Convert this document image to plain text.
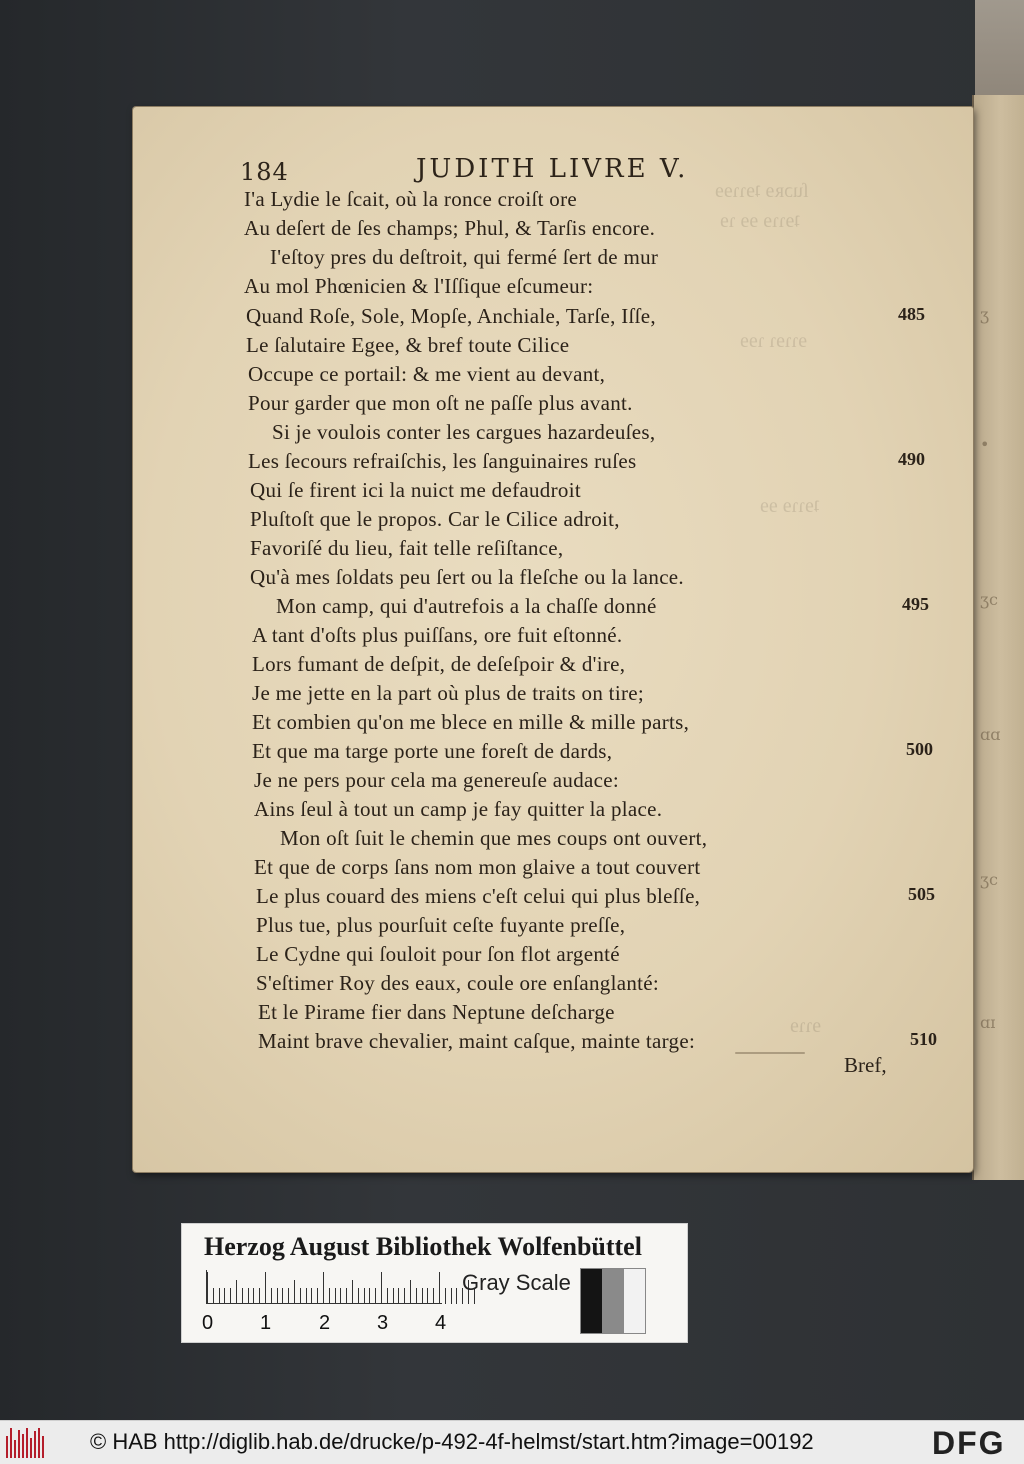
ʒ
•
ʒc
ɑɑ
ʒc
ɑɪ
ſuɔʀɘ ʇɘɿɿɘɘ
ʇɘɿɿɘ ɘɘ ɿɘ
ɘɿɿɘɿ ɿɘɘ
ʇɘɿɿɘ ɘɘ
ɘɿɿɘ
184	JUDITH LIVRE V.
I'a Lydie le ſcait, où la ronce croiſt ore
Au deſert de ſes champs; Phul, & Tarſis encore.
I'eſtoy pres du deſtroit, qui fermé ſert de mur
Au mol Phœnicien & l'Iſſique eſcumeur:
Quand Roſe, Sole, Mopſe, Anchiale, Tarſe, Iſſe,
Le ſalutaire Egee, & bref toute Cilice
Occupe ce portail: & me vient au devant,
Pour garder que mon oſt ne paſſe plus avant.
Si je voulois conter les cargues hazardeuſes,
Les ſecours refraiſchis, les ſanguinaires ruſes
Qui ſe firent ici la nuict me defaudroit
Pluſtoſt que le propos. Car le Cilice adroit,
Favoriſé du lieu, fait telle reſiſtance,
Qu'à mes ſoldats peu ſert ou la fleſche ou la lance.
Mon camp, qui d'autrefois a la chaſſe donné
A tant d'oſts plus puiſſans, ore fuit eſtonné.
Lors fumant de deſpit, de deſeſpoir & d'ire,
Je me jette en la part où plus de traits on tire;
Et combien qu'on me blece en mille & mille parts,
Et que ma targe porte une foreſt de dards,
Je ne pers pour cela ma genereuſe audace:
Ains ſeul à tout un camp je fay quitter la place.
Mon oſt ſuit le chemin que mes coups ont ouvert,
Et que de corps ſans nom mon glaive a tout couvert
Le plus couard des miens c'eſt celui qui plus bleſſe,
Plus tue, plus pourſuit ceſte fuyante preſſe,
Le Cydne qui ſouloit pour ſon flot argenté
S'eſtimer Roy des eaux, coule ore enſanglanté:
Et le Pirame fier dans Neptune deſcharge
Maint brave chevalier, maint caſque, mainte targe:
485
490
495
500
505
510
Bref,
Herzog August Bibliothek Wolfenbüttel
0 1 2 3 4
Gray Scale
© HAB http://diglib.hab.de/drucke/p-492-4f-helmst/start.htm?image=00192	DFG
